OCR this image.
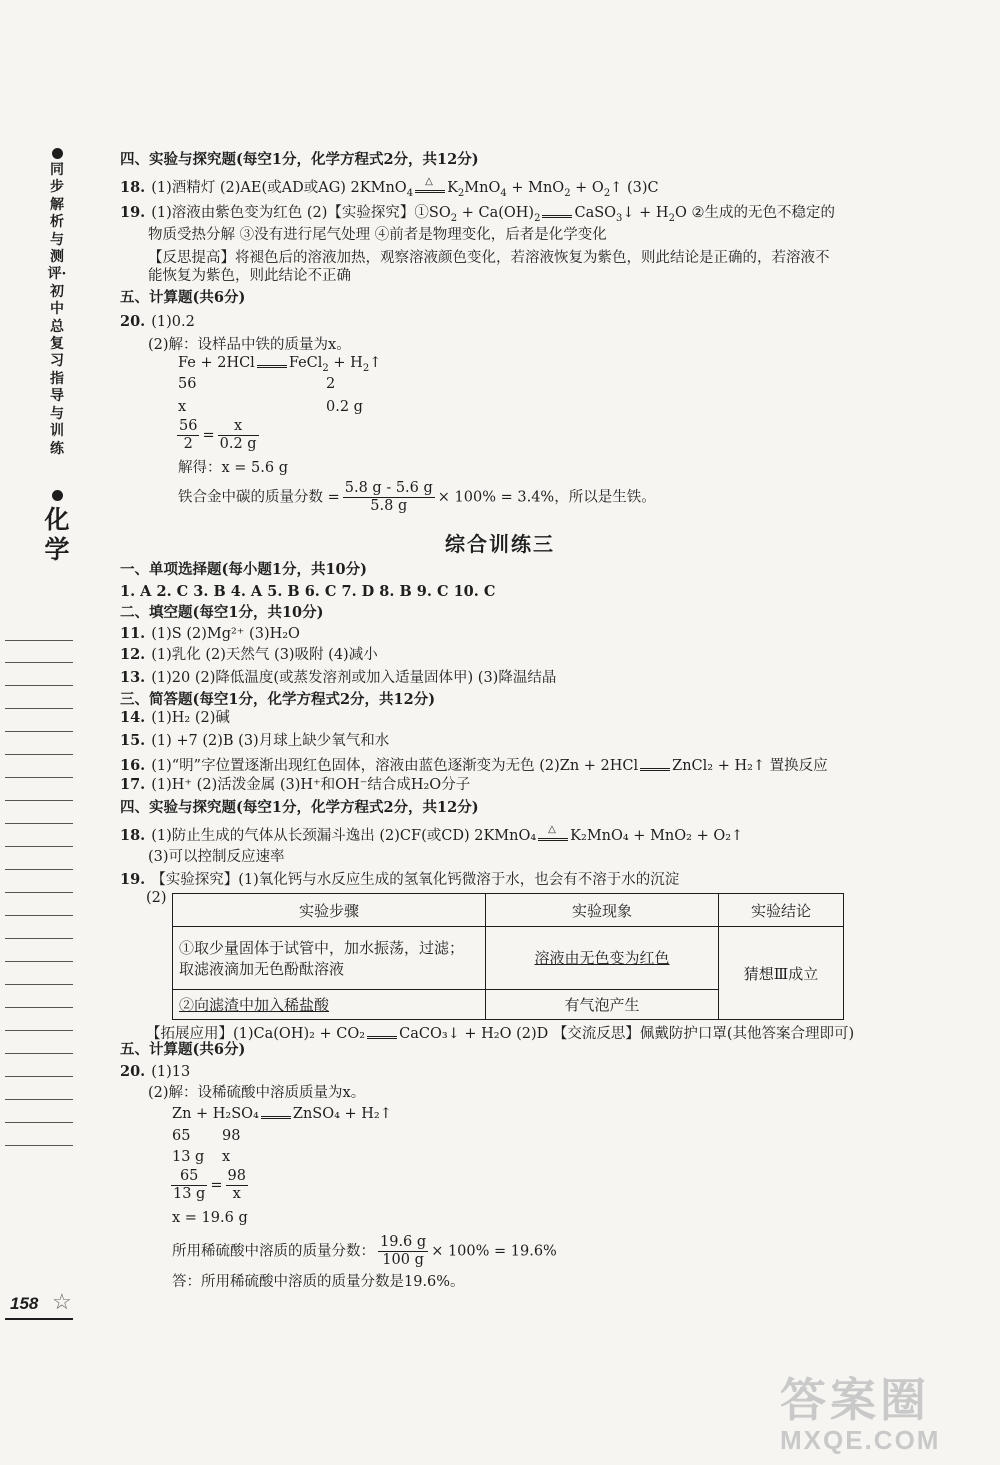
同步解析与测评·初中总复习指导与训练
化学
四、实验与探究题(每空1分，化学方程式2分，共12分)
18. (1)酒精灯 (2)AE(或AD或AG) 2KMnO$_4$
△ $K_2MnO_4 + MnO_2$ + $O_2↑$ (3)C
19. (1)溶液由紫色变为红色 (2)【实验探究】$①SO_2 + Ca(OH)_2$ CaSO$_3$↓ + $H_2O$ ②生成的无色不稳定的
物质受热分解 ③没有进行尾气处理 ④前者是物理变化，后者是化学变化
【反思提高】将褪色后的溶液加热，观察溶液颜色变化，若溶液恢复为紫色，则此结论是正确的，若溶液不
能恢复为紫色，则此结论不正确
五、计算题(共6分)
20. (1)0.2
(2)解：设样品中铁的质量为x。
Fe + 2HCl FeCl$_2$ + $H_2↑$
56	2
x	0.2 g
$\frac{56}{2} = \frac{x}{0.2 g}$
解得：x = 5.6 g
铁合金中碳的质量分数 = $\frac{5.8 g - 5.6 g}{5.8 g} \times 100\% = 3.4\%$，所以是生铁。
综合训练三
一、单项选择题(每小题1分，共10分)
1. A 2. C 3. B 4. A 5. B 6. C 7. D 8. B 9. C 10. C
二、填空题(每空1分，共10分)
11. (1)S (2)Mg²⁺ (3)H₂O
12. (1)乳化 (2)天然气 (3)吸附 (4)减小
13. (1)20 (2)降低温度(或蒸发溶剂或加入适量固体甲) (3)降温结晶
三、简答题(每空1分，化学方程式2分，共12分)
14. (1)H₂ (2)碱
15. (1) +7 (2)B (3)月球上缺少氧气和水
16. (1)“明”字位置逐渐出现红色固体，溶液由蓝色逐渐变为无色 (2)Zn + 2HCl ZnCl₂ + H₂↑ 置换反应
17. (1)H⁺ (2)活泼金属 (3)H⁺和OH⁻结合成H₂O分子
四、实验与探究题(每空1分，化学方程式2分，共12分)
18. (1)防止生成的气体从长颈漏斗逸出 (2)CF(或CD) 2KMnO₄ △ K₂MnO₄ + MnO₂ + O₂↑
(3)可以控制反应速率
19. 【实验探究】(1)氧化钙与水反应生成的氢氧化钙微溶于水，也会有不溶于水的沉淀
(2)
实验步骤	实验现象	实验结论
①取少量固体于试管中，加水振荡，过滤；
取滤液滴加无色酚酞溶液	溶液由无色变为红色	猜想Ⅲ成立
②向滤渣中加入稀盐酸	有气泡产生	
【拓展应用】(1)Ca(OH)₂ + CO₂ CaCO₃↓ + H₂O (2)D 【交流反思】佩戴防护口罩(其他答案合理即可)
五、计算题(共6分)
20. (1)13
(2)解：设稀硫酸中溶质质量为x。
Zn + H₂SO₄ ZnSO₄ + H₂↑
65 98
13 g x
$\frac{65}{13 g} = \frac{98}{x}$
x = 19.6 g
所用稀硫酸中溶质的质量分数： $\frac{19.6 g}{100 g} \times 100\% = 19.6\%$
答：所用稀硫酸中溶质的质量分数是19.6%。
158 ☆
答案圈
MXQE.COM
